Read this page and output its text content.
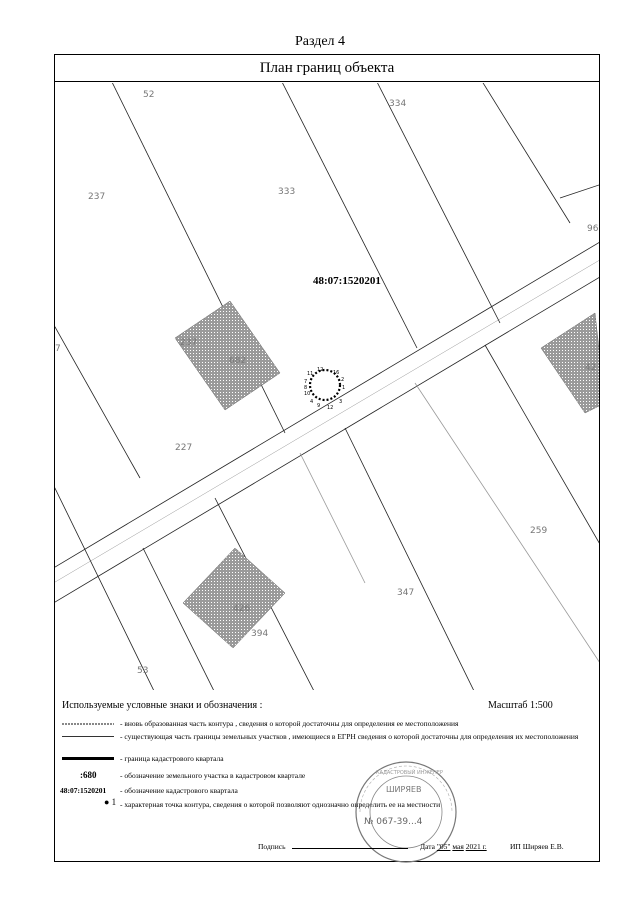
Раздел 4
План границ объекта
334
333
237
96
237
682
42
227
259
347
426
394
52
53
7
48:07:1520201
11
12 16
10
9 12
3
1
2
7
8
4
Используемые условные знаки и обозначения :	Масштаб 1:500
- вновь образованная часть контура , сведения о которой достаточны для определения ее местоположения
- существующая часть границы земельных участков , имеющиеся в ЕГРН сведения о которой достаточны для определения их местоположения
- граница кадастрового квартала
:680	- обозначение земельного участка в кадастровом квартале
48:07:1520201	- обозначение кадастрового квартала
● 1 - характерная точка контура, сведения о которой позволяют однозначно определить ее на местности
ШИРЯЕВ
№ 067-39...4
КАДАСТРОВЫЙ ИНЖЕНЕР
Подпись	Дата "05" мая 2021 г.	ИП Ширяев Е.В.
